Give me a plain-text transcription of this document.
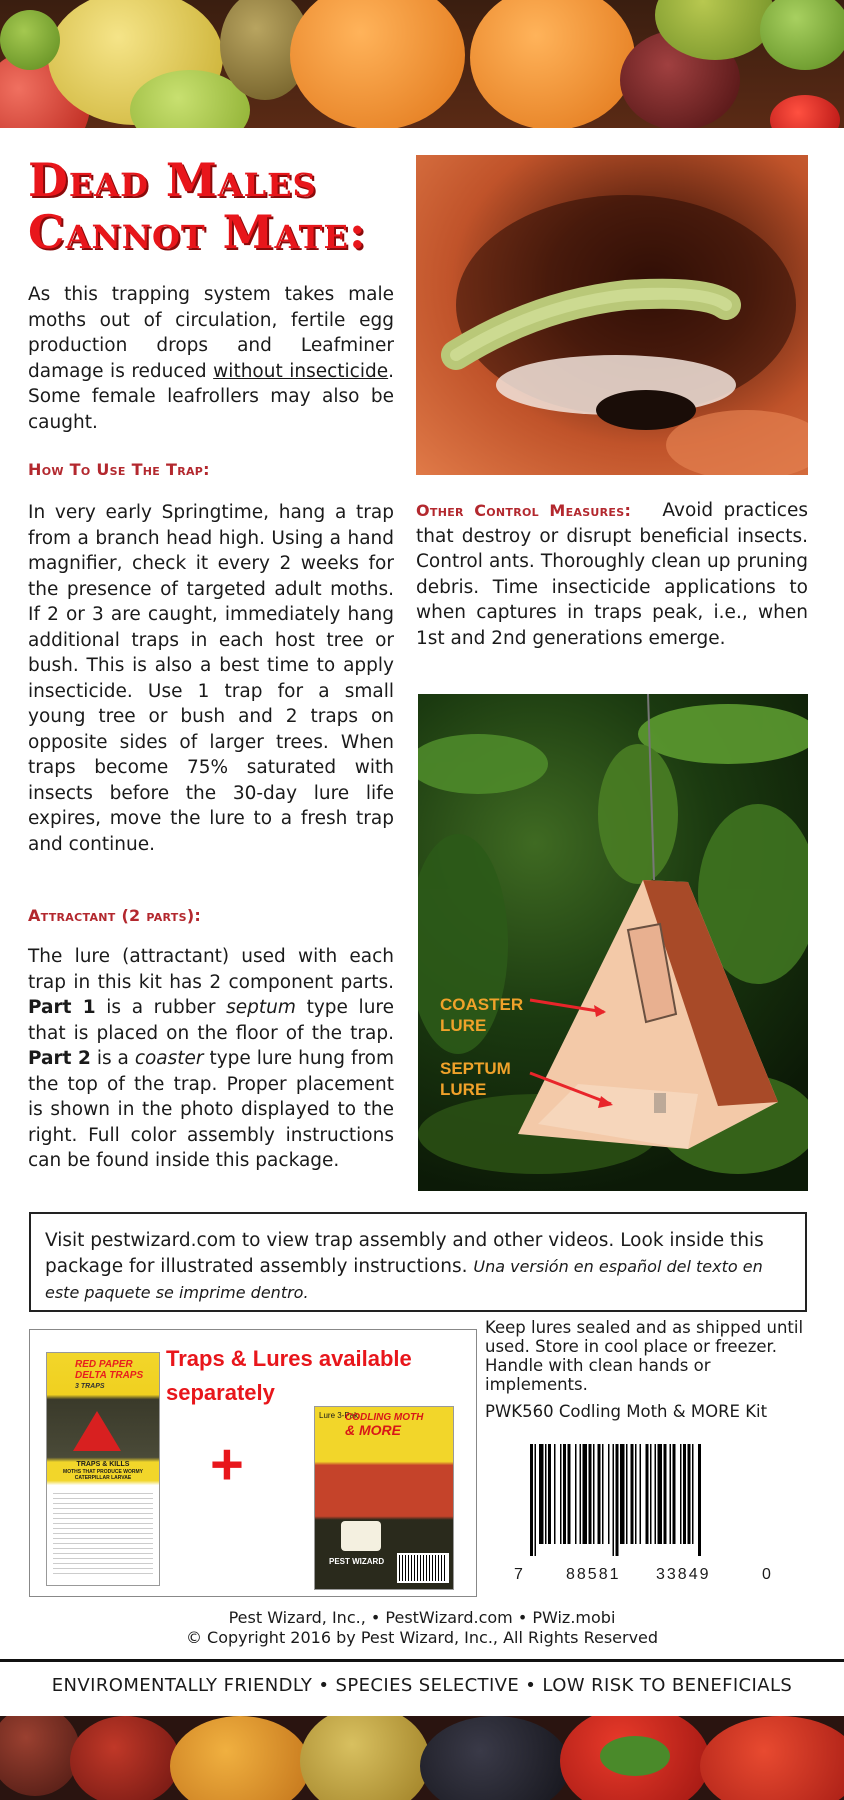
Dead Males
Cannot Mate:
As this trapping system takes male moths out of circulation, fertile egg production drops and Leafminer damage is reduced without insecticide. Some female leafrollers may also be caught.
How To Use The Trap:
In very early Springtime, hang a trap from a branch head high. Using a hand magnifier, check it every 2 weeks for the presence of targeted adult moths. If 2 or 3 are caught, immediately hang additional traps in each host tree or bush. This is also a best time to apply insecticide. Use 1 trap for a small young tree or bush and 2 traps on opposite sides of larger trees. When traps become 75% saturated with insects before the 30-day lure life expires, move the lure to a fresh trap and continue.
Attractant (2 parts):
The lure (attractant) used with each trap in this kit has 2 component parts. Part 1 is a rubber septum type lure that is placed on the floor of the trap. Part 2 is a coaster type lure hung from the top of the trap. Proper placement is shown in the photo displayed to the right. Full color assembly instructions can be found inside this package.
Other Control Measures: Avoid practices that destroy or disrupt beneficial insects. Control ants. Thoroughly clean up pruning debris. Time insecticide applications to when captures in traps peak, i.e., when 1st and 2nd generations emerge.
COASTER
LURE
SEPTUM
LURE
Visit pestwizard.com to view trap assembly and other videos. Look inside this package for illustrated assembly instructions. Una versión en español del texto en este paquete se imprime dentro.
RED PAPER
DELTA TRAPS
3 TRAPS
TRAPS & KILLS
MOTHS THAT PRODUCE WORMY CATERPILLAR LARVAE
Traps & Lures available
separately
+
Lure 3-Pak
CODLING MOTH
& MORE
PEST WIZARD
Keep lures sealed and as shipped until used. Store in cool place or freezer. Handle with clean hands or implements.
PWK560 Codling Moth & MORE Kit
7	88581 33849	0
Pest Wizard, Inc., • PestWizard.com • PWiz.mobi
© Copyright 2016 by Pest Wizard, Inc., All Rights Reserved
ENVIROMENTALLY FRIENDLY • SPECIES SELECTIVE • LOW RISK TO BENEFICIALS
